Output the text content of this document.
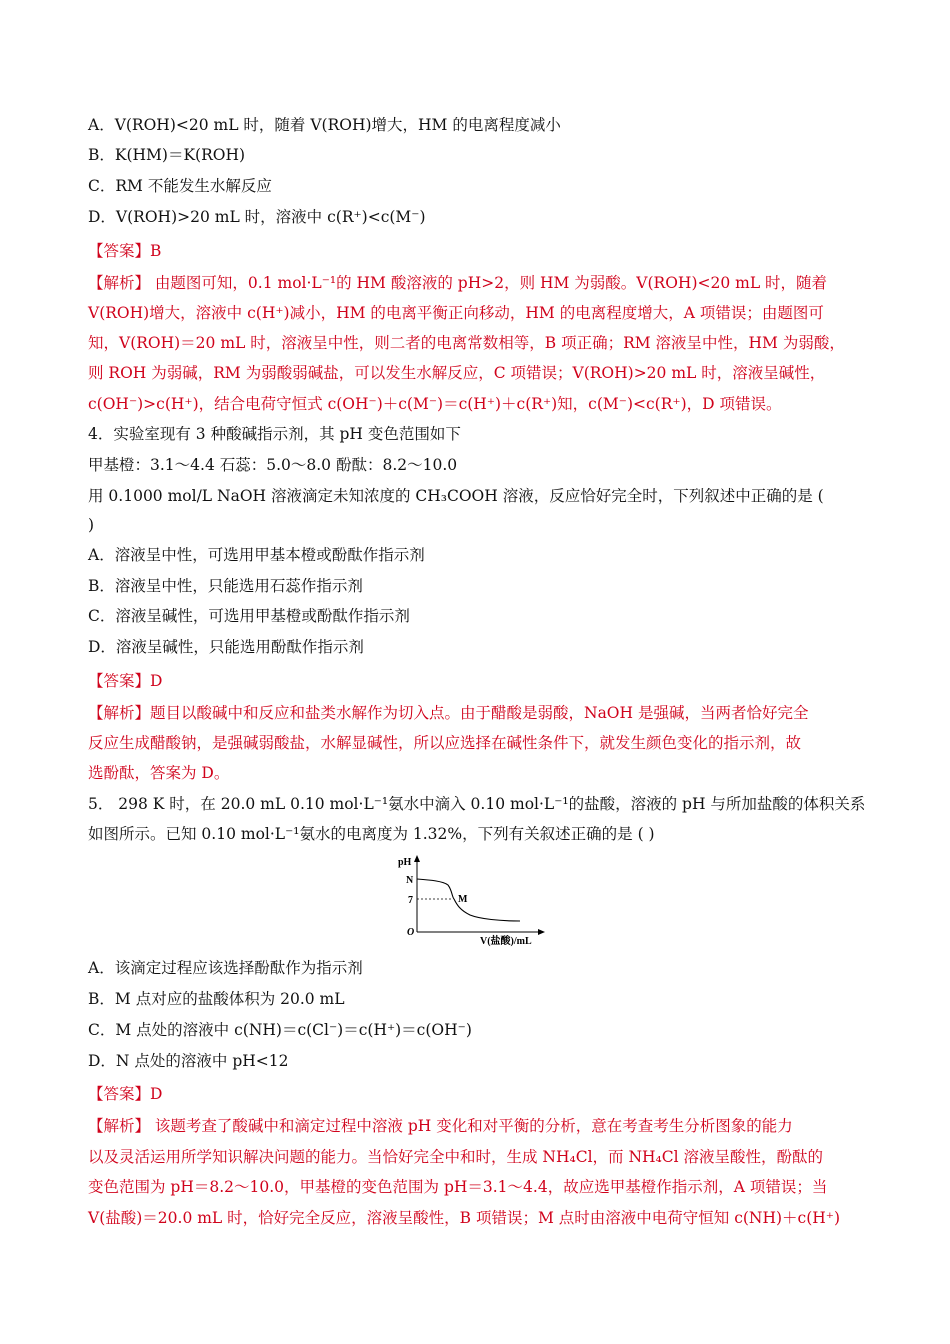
A．V(ROH)<20 mL 时，随着 V(ROH)增大，HM 的电离程度减小
B．K(HM)＝K(ROH)
C．RM 不能发生水解反应
D．V(ROH)>20 mL 时，溶液中 c(R⁺)<c(M⁻)
【答案】B
【解析】 由题图可知，0.1 mol·L⁻¹的 HM 酸溶液的 pH>2，则 HM 为弱酸。V(ROH)<20 mL 时，随着
V(ROH)增大，溶液中 c(H⁺)减小，HM 的电离平衡正向移动，HM 的电离程度增大，A 项错误；由题图可
知，V(ROH)＝20 mL 时，溶液呈中性，则二者的电离常数相等，B 项正确；RM 溶液呈中性，HM 为弱酸，
则 ROH 为弱碱，RM 为弱酸弱碱盐，可以发生水解反应，C 项错误；V(ROH)>20 mL 时，溶液呈碱性，
c(OH⁻)>c(H⁺)，结合电荷守恒式 c(OH⁻)＋c(M⁻)＝c(H⁺)＋c(R⁺)知，c(M⁻)<c(R⁺)，D 项错误。
4．实验室现有 3 种酸碱指示剂，其 pH 变色范围如下
甲基橙：3.1～4.4 石蕊：5.0～8.0 酚酞：8.2～10.0
用 0.1000 mol/L NaOH 溶液滴定未知浓度的 CH₃COOH 溶液，反应恰好完全时，下列叙述中正确的是 (
)
A．溶液呈中性，可选用甲基本橙或酚酞作指示剂
B．溶液呈中性，只能选用石蕊作指示剂
C．溶液呈碱性，可选用甲基橙或酚酞作指示剂
D．溶液呈碱性，只能选用酚酞作指示剂
【答案】D
【解析】题目以酸碱中和反应和盐类水解作为切入点。由于醋酸是弱酸，NaOH 是强碱，当两者恰好完全
反应生成醋酸钠，是强碱弱酸盐，水解显碱性，所以应选择在碱性条件下，就发生颜色变化的指示剂，故
选酚酞，答案为 D。
5． 298 K 时，在 20.0 mL 0.10 mol·L⁻¹氨水中滴入 0.10 mol·L⁻¹的盐酸，溶液的 pH 与所加盐酸的体积关系
如图所示。已知 0.10 mol·L⁻¹氨水的电离度为 1.32%，下列有关叙述正确的是 ( )
pH
N
7
O
V(盐酸)/mL
M
A．该滴定过程应该选择酚酞作为指示剂
B．M 点对应的盐酸体积为 20.0 mL
C．M 点处的溶液中 c(NH)＝c(Cl⁻)＝c(H⁺)＝c(OH⁻)
D．N 点处的溶液中 pH<12
【答案】D
【解析】 该题考查了酸碱中和滴定过程中溶液 pH 变化和对平衡的分析，意在考查考生分析图象的能力
以及灵活运用所学知识解决问题的能力。当恰好完全中和时，生成 NH₄Cl，而 NH₄Cl 溶液呈酸性，酚酞的
变色范围为 pH＝8.2～10.0，甲基橙的变色范围为 pH＝3.1～4.4，故应选甲基橙作指示剂，A 项错误；当
V(盐酸)＝20.0 mL 时，恰好完全反应，溶液呈酸性，B 项错误；M 点时由溶液中电荷守恒知 c(NH)＋c(H⁺)
